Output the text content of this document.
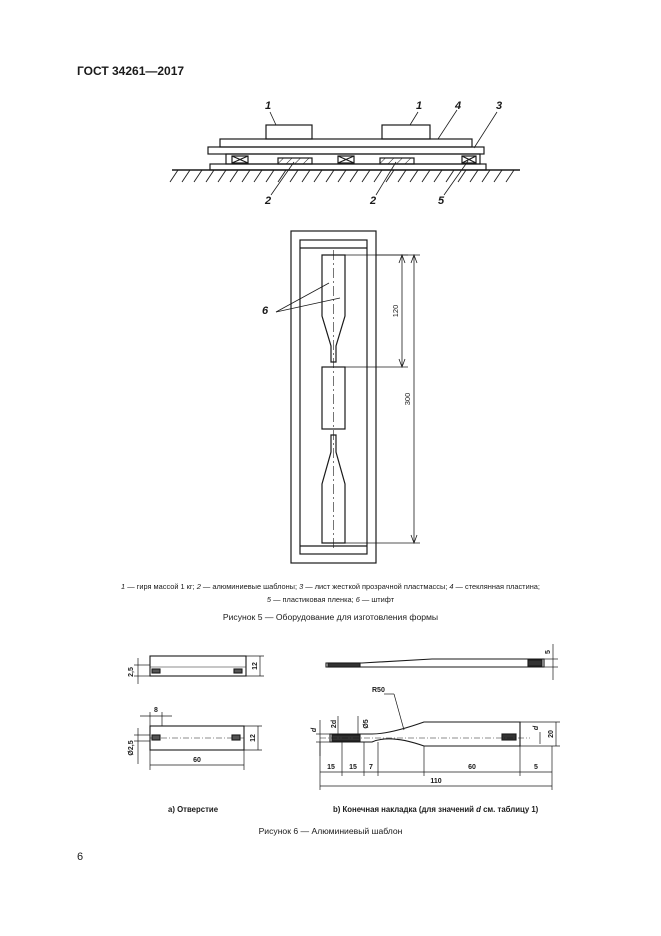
ГОСТ 34261—2017
1	1	4	3
2	2	5
6	120
300
1 — гиря массой 1 кг; 2 — алюминиевые шаблоны; 3 — лист жесткой прозрачной пластмассы; 4 — стеклянная пластина;
5 — пластиковая пленка; 6 — штифт
Рисунок 5 — Оборудование для изготовления формы
2,5
12
8
Ø2,5
12
60
5
R50
d
2d	Ø5	d
20
15 15 7	60	5
110
а) Отверстие	b) Конечная накладка (для значений d см. таблицу 1)
Рисунок 6 — Алюминиевый шаблон
6
